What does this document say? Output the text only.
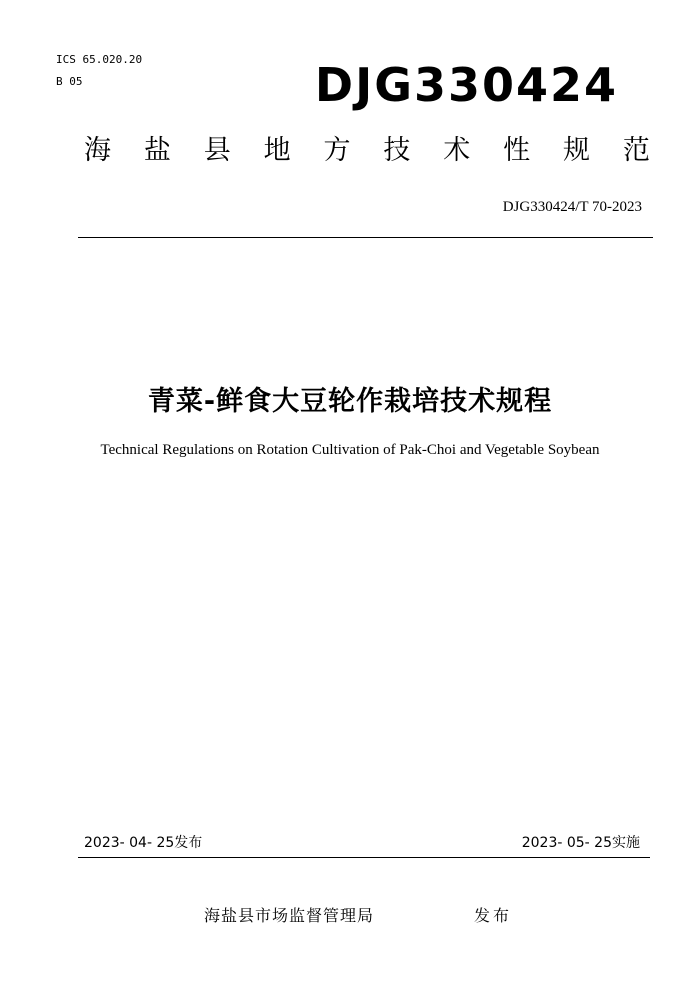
ICS 65.020.20
B 05	DJG330424
海 盐 县 地 方 技 术 性 规 范
DJG330424/T 70-2023
青菜-鲜食大豆轮作栽培技术规程
Technical Regulations on Rotation Cultivation of Pak-Choi and Vegetable Soybean
2023- 04- 25发布	2023- 05- 25实施
海盐县市场监督管理局	发布
